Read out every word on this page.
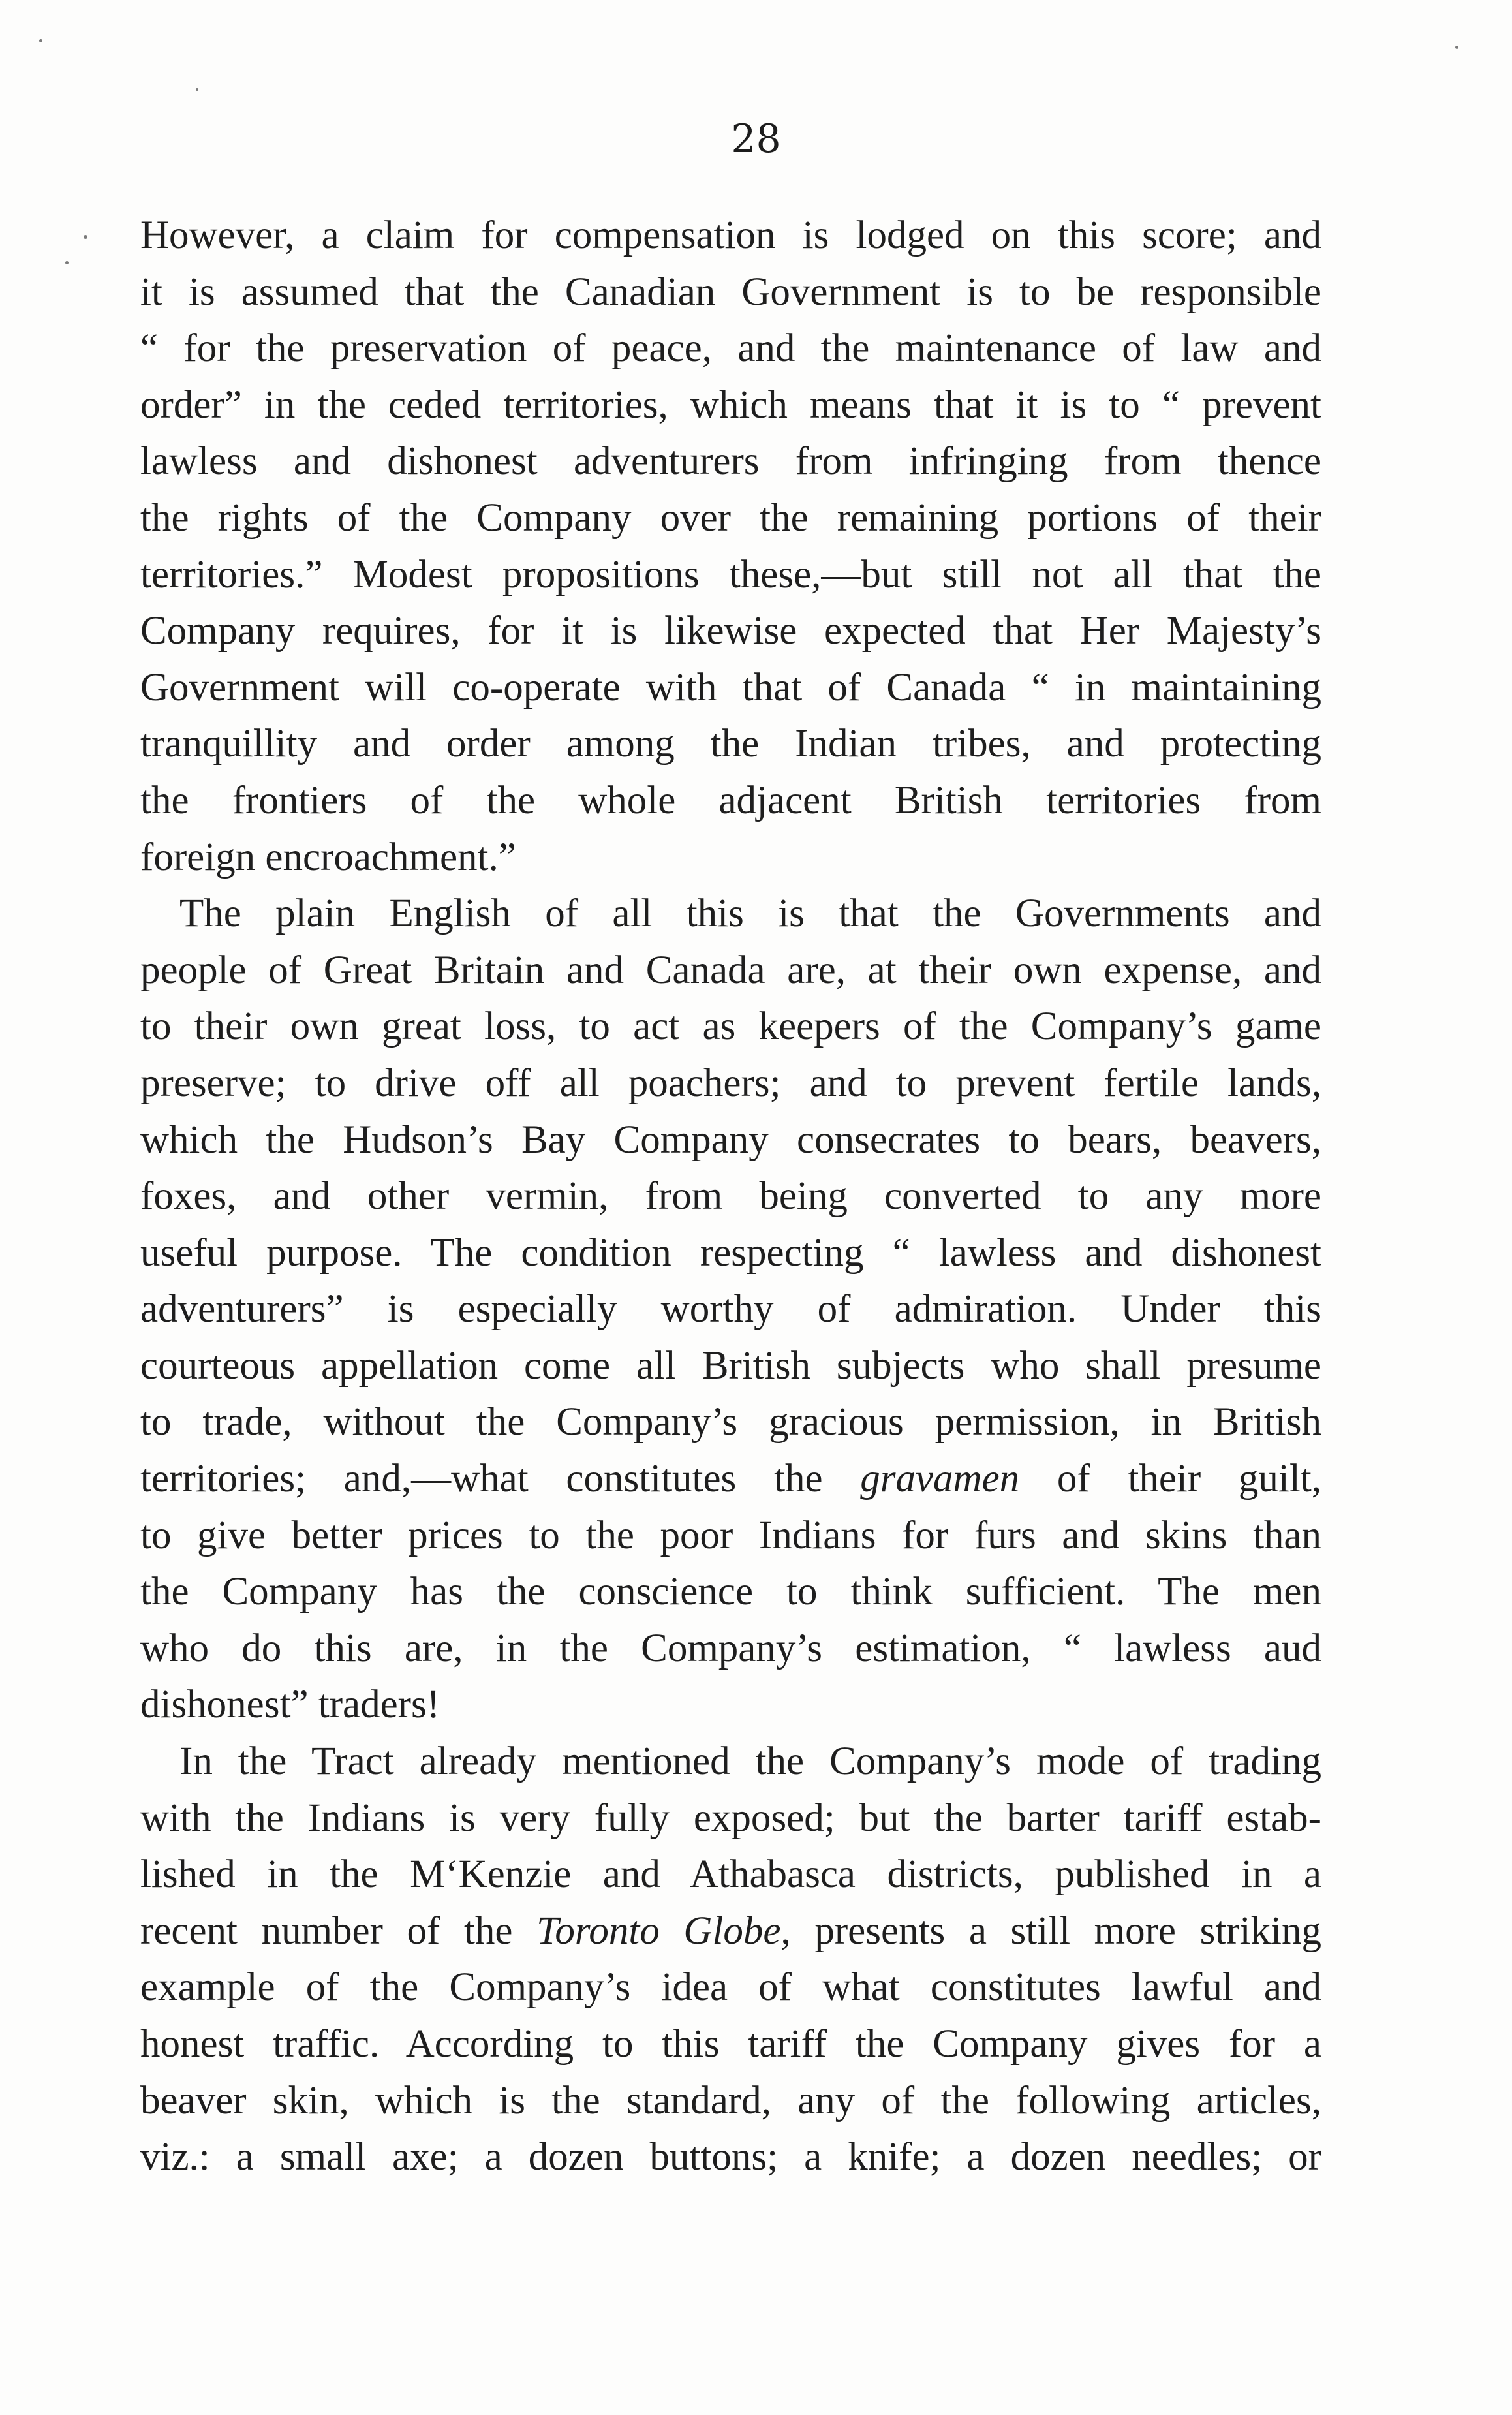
28
However, a claim for compensation is lodged on this score; and
it is assumed that the Canadian Government is to be responsible
“ for the preservation of peace, and the maintenance of law and
order” in the ceded territories, which means that it is to “ prevent
lawless and dishonest adventurers from infringing from thence
the rights of the Company over the remaining portions of their
territories.” Modest propositions these,—but still not all that the
Company requires, for it is likewise expected that Her Majesty’s
Government will co-operate with that of Canada “ in maintaining
tranquillity and order among the Indian tribes, and protecting
the frontiers of the whole adjacent British territories from
foreign encroachment.”
The plain English of all this is that the Governments and
people of Great Britain and Canada are, at their own expense, and
to their own great loss, to act as keepers of the Company’s game
preserve; to drive off all poachers; and to prevent fertile lands,
which the Hudson’s Bay Company consecrates to bears, beavers,
foxes, and other vermin, from being converted to any more
useful purpose. The condition respecting “ lawless and dishonest
adventurers” is especially worthy of admiration. Under this
courteous appellation come all British subjects who shall presume
to trade, without the Company’s gracious permission, in British
territories; and,—what constitutes the gravamen of their guilt,
to give better prices to the poor Indians for furs and skins than
the Company has the conscience to think sufficient. The men
who do this are, in the Company’s estimation, “ lawless aud
dishonest” traders!
In the Tract already mentioned the Company’s mode of trading
with the Indians is very fully exposed; but the barter tariff estab-
lished in the M‘Kenzie and Athabasca districts, published in a
recent number of the Toronto Globe, presents a still more striking
example of the Company’s idea of what constitutes lawful and
honest traffic. According to this tariff the Company gives for a
beaver skin, which is the standard, any of the following articles,
viz.: a small axe; a dozen buttons; a knife; a dozen needles; or
